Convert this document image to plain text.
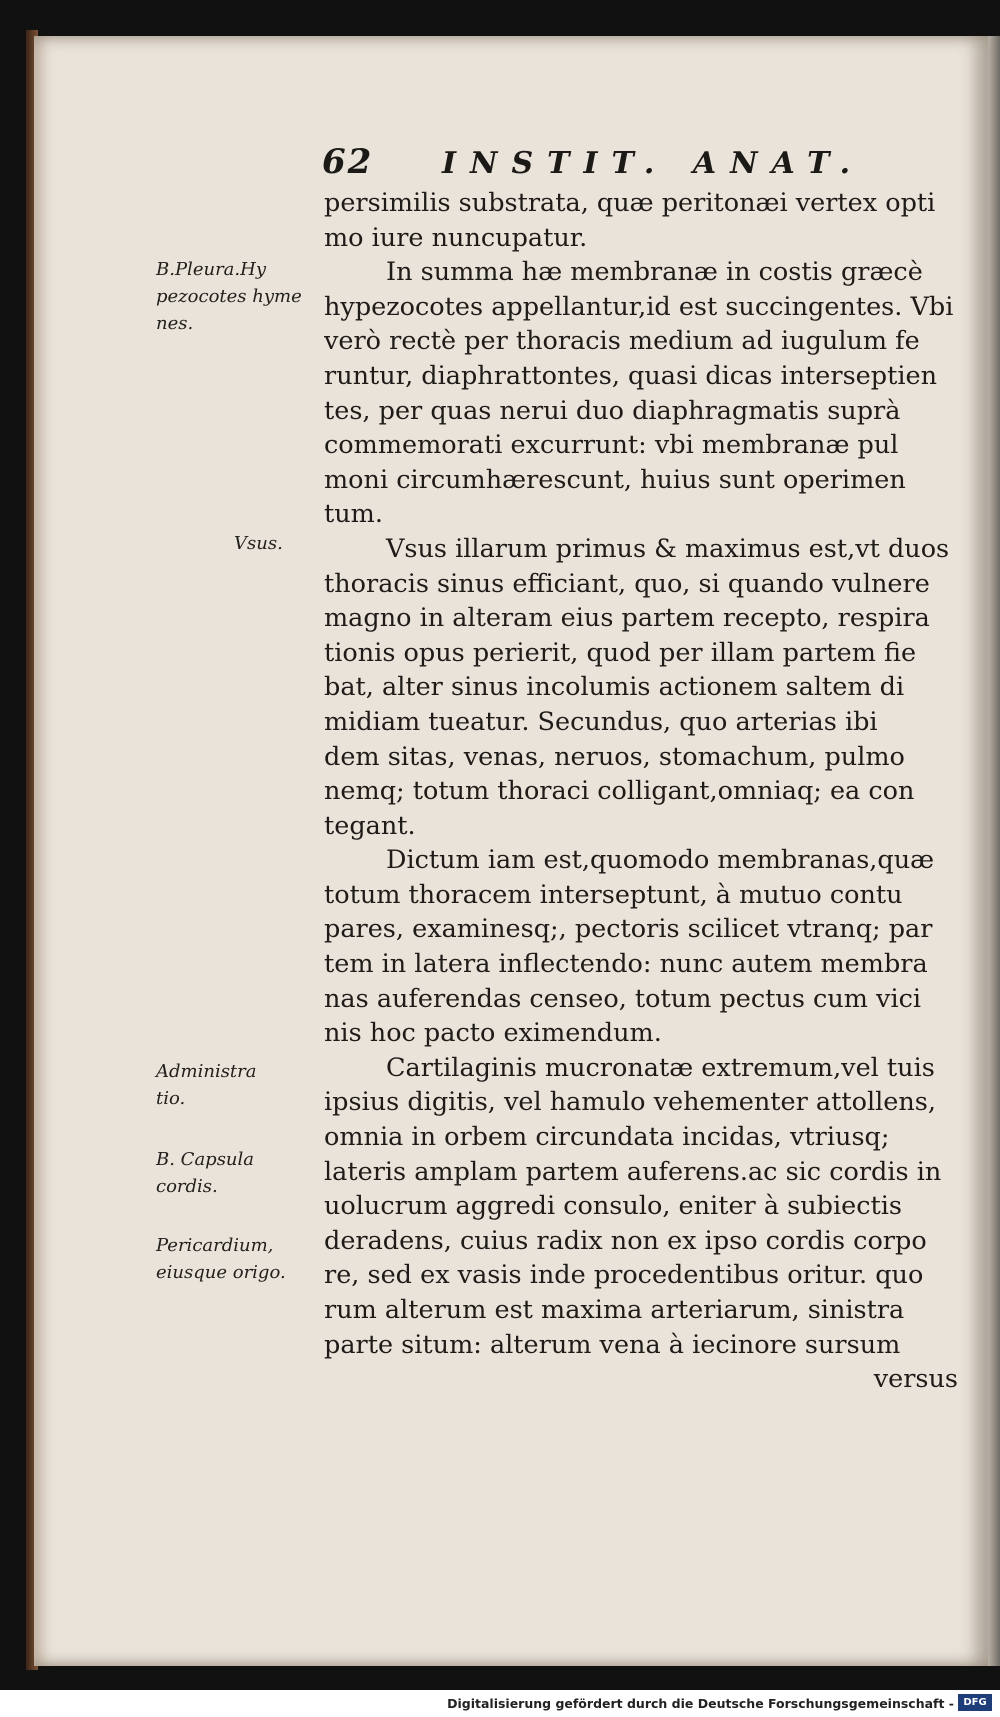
62	INSTIT. ANAT.
B.Pleura.Hy
pezocotes hyme
nes.
Vsus.
Administra
tio.
B. Capsula
cordis.
Pericardium,
eiusque origo.
persimilis substrata, quæ peritonæi vertex opti
mo iure nuncupatur.
In summa hæ membranæ in costis græcè
hypezocotes appellantur,id est succingentes. Vbi
verò rectè per thoracis medium ad iugulum fe
runtur, diaphrattontes, quasi dicas interseptien
tes, per quas nerui duo diaphragmatis suprà
commemorati excurrunt: vbi membranæ pul
moni circumhærescunt, huius sunt operimen
tum.
Vsus illarum primus & maximus est,vt duos
thoracis sinus efficiant, quo, si quando vulnere
magno in alteram eius partem recepto, respira
tionis opus perierit, quod per illam partem fie
bat, alter sinus incolumis actionem saltem di
midiam tueatur. Secundus, quo arterias ibi
dem sitas, venas, neruos, stomachum, pulmo
nemq; totum thoraci colligant,omniaq; ea con
tegant.
Dictum iam est,quomodo membranas,quæ
totum thoracem interseptunt, à mutuo contu
pares, examinesq;, pectoris scilicet vtranq; par
tem in latera inflectendo: nunc autem membra
nas auferendas censeo, totum pectus cum vici
nis hoc pacto eximendum.
Cartilaginis mucronatæ extremum,vel tuis
ipsius digitis, vel hamulo vehementer attollens,
omnia in orbem circundata incidas, vtriusq;
lateris amplam partem auferens.ac sic cordis in
uolucrum aggredi consulo, eniter à subiectis
deradens, cuius radix non ex ipso cordis corpo
re, sed ex vasis inde procedentibus oritur. quo
rum alterum est maxima arteriarum, sinistra
parte situm: alterum vena à iecinore sursum
versus
Digitalisierung gefördert durch die Deutsche Forschungsgemeinschaft - DFG
